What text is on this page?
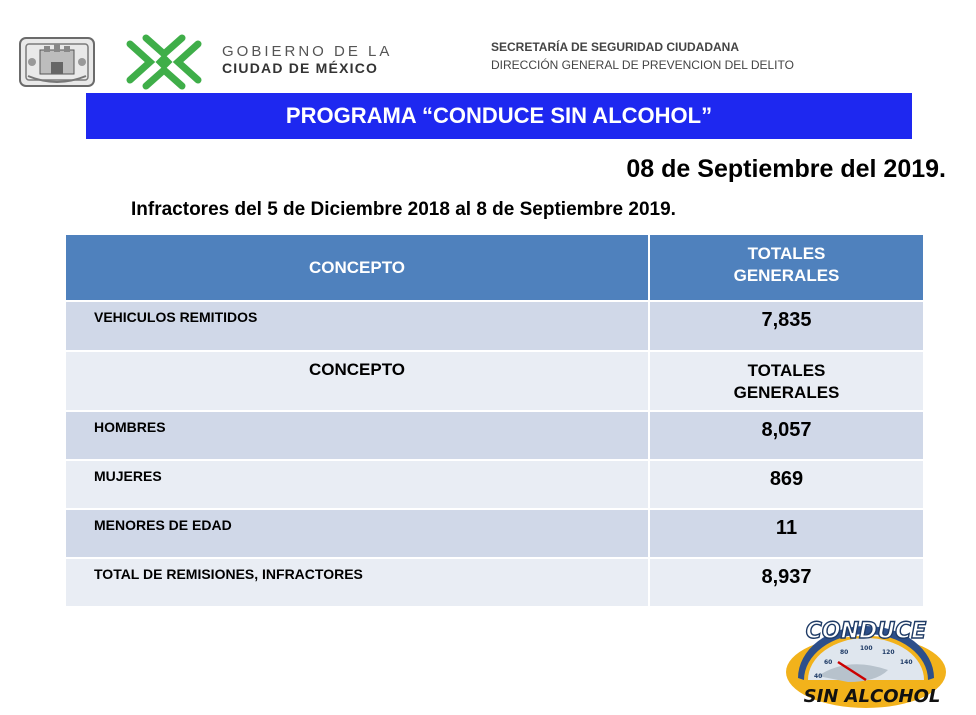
GOBIERNO DE LA
CIUDAD DE MÉXICO
SECRETARÍA DE SEGURIDAD CIUDADANA
DIRECCIÓN GENERAL DE PREVENCION DEL DELITO
PROGRAMA “CONDUCE SIN ALCOHOL”
08 de Septiembre del 2019.
Infractores del 5 de Diciembre 2018 al 8 de Septiembre 2019.
CONCEPTO	TOTALES
GENERALES

VEHICULOS REMITIDOS	7,835
CONCEPTO	TOTALES
GENERALES

HOMBRES	8,057
MUJERES	869
MENORES DE EDAD	11
TOTAL DE REMISIONES, INFRACTORES	8,937
40
60
80
100
120
140
CONDUCE
SIN ALCOHOL
